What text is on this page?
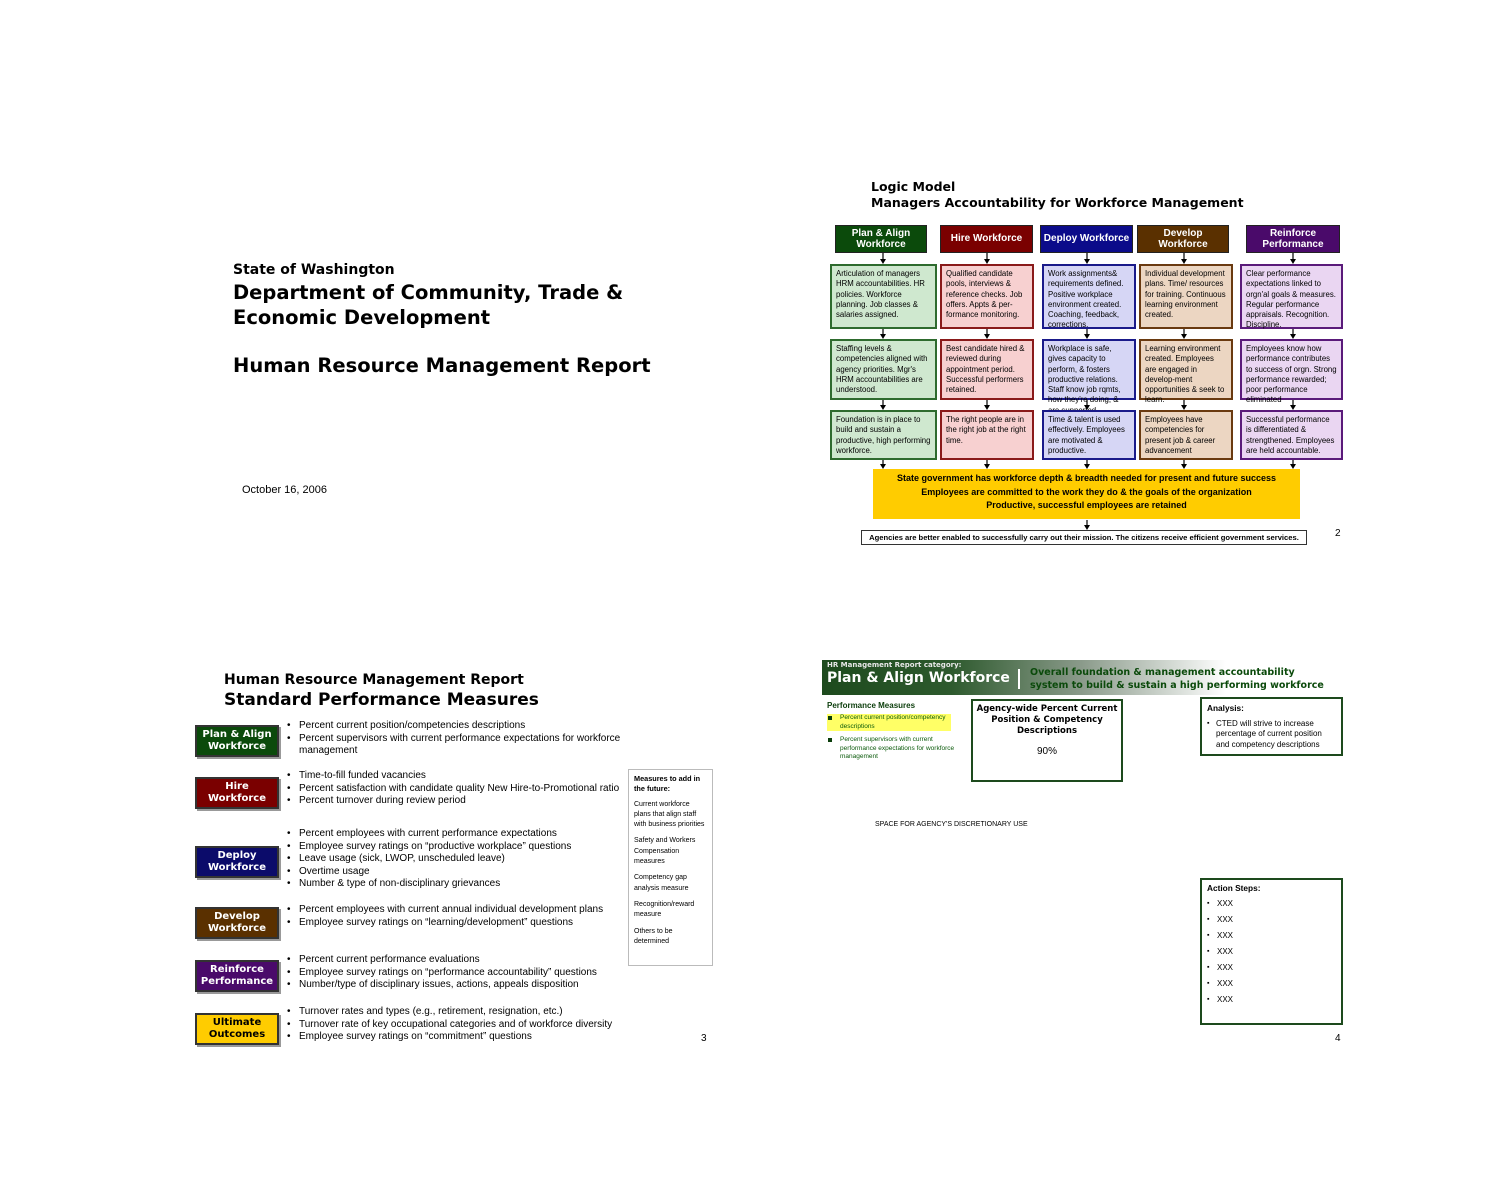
State of Washington
Department of Community, Trade &
Economic Development
Human Resource Management Report
October 16, 2006
Logic Model
Managers Accountability for Workforce Management
Plan & Align Workforce
Hire Workforce	Deploy Workforce
Develop Workforce
Reinforce Performance
Articulation of managers HRM accountabilities. HR policies. Workforce planning. Job classes & salaries assigned.
Qualified candidate pools, interviews & reference checks. Job offers. Appts & per-formance monitoring.
Work assignments& requirements defined. Positive workplace environment created. Coaching, feedback, corrections.
Individual development plans. Time/ resources for training. Continuous learning environment created.
Clear performance expectations linked to orgn'al goals & measures. Regular performance appraisals. Recognition. Discipline.
Staffing levels & competencies aligned with agency priorities. Mgr's HRM accountabilities are understood.
Best candidate hired & reviewed during appointment period. Successful performers retained.
Workplace is safe, gives capacity to perform, & fosters productive relations. Staff know job rqmts, how they're doing, &
Learning environment created. Employees are engaged in develop-ment opportunities & seek to learn.
Employees know how performance contributes to success of orgn. Strong performance rewarded; poor performance eliminated
Foundation is in place to build and sustain a productive, high performing workforce.
The right people are in the right job at the right time.
Time & talent is used effectively. Employees are motivated & productive.
Employees have competencies for present job & career advancement
Successful performance is differentiated & strengthened. Employees are held accountable.
State government has workforce depth & breadth needed for present and future success
Employees are committed to the work they do & the goals of the organization
Productive, successful employees are retained
Agencies are better enabled to successfully carry out their mission. The citizens receive efficient government services.	2
Human Resource Management Report
Standard Performance Measures
Plan & Align Workforce
• Percent current position/competencies descriptions
• Percent supervisors with current performance expectations for workforce management
Hire Workforce
• Time-to-fill funded vacancies
• Percent satisfaction with candidate quality New Hire-to-Promotional ratio
• Percent turnover during review period
Deploy Workforce
• Percent employees with current performance expectations
• Employee survey ratings on “productive workplace” questions
• Leave usage (sick, LWOP, unscheduled leave)
• Overtime usage
• Number & type of non-disciplinary grievances
Develop Workforce
• Percent employees with current annual individual development plans
• Employee survey ratings on “learning/development” questions
Reinforce Performance
• Percent current performance evaluations
• Employee survey ratings on “performance accountability” questions
• Number/type of disciplinary issues, actions, appeals disposition
Ultimate Outcomes
• Turnover rates and types (e.g., retirement, resignation, etc.)
• Turnover rate of key occupational categories and of workforce diversity
• Employee survey ratings on “commitment” questions
Measures to add in the future:
Current workforce plans that align staff with business priorities
Safety and Workers Compensation measures
Competency gap analysis measure
Recognition/reward measure
Others to be determined
3
HR Management Report category:
Plan & Align Workforce Overall foundation & management accountability
system to build & sustain a high performing workforce
Performance Measures
Percent current position/competency descriptions
Percent supervisors with current performance expectations for workforce management
Agency-wide Percent Current Position & Competency Descriptions
90%
Analysis:
▪ CTED will strive to increase percentage of current position and competency descriptions
SPACE FOR AGENCY'S DISCRETIONARY USE
Action Steps:
▪ XXX
▪ XXX
▪ XXX
▪ XXX
▪ XXX
▪ XXX
▪ XXX
4
